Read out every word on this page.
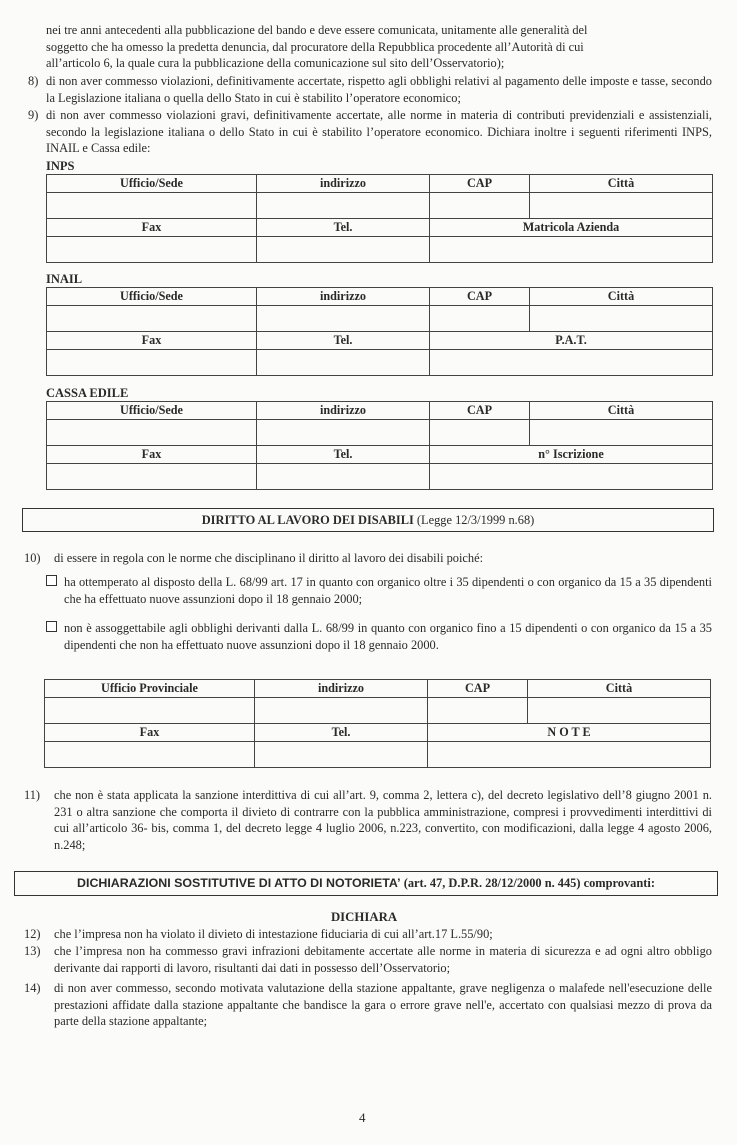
nei tre anni antecedenti alla pubblicazione del bando e deve essere comunicata, unitamente alle generalità del
soggetto che ha omesso la predetta denuncia, dal procuratore della Repubblica procedente all’Autorità di cui
all’articolo 6, la quale cura la pubblicazione della comunicazione sul sito dell’Osservatorio);
8) di non aver commesso violazioni, definitivamente accertate, rispetto agli obblighi relativi al pagamento delle imposte e tasse, secondo la Legislazione italiana o quella dello Stato in cui è stabilito l’operatore economico;
9) di non aver commesso violazioni gravi, definitivamente accertate, alle norme in materia di contributi previdenziali e assistenziali, secondo la legislazione italiana o dello Stato in cui è stabilito l’operatore economico. Dichiara inoltre i seguenti riferimenti INPS, INAIL e Cassa edile:
INPS
Ufficio/Sede	indirizzo	CAP	Città

Fax	Tel.	Matricola Azienda	

INAIL
Ufficio/Sede	indirizzo	CAP	Città

Fax	Tel.	P.A.T.	

CASSA EDILE
Ufficio/Sede	indirizzo	CAP	Città

Fax	Tel.	n° Iscrizione	

DIRITTO AL LAVORO DEI DISABILI (Legge 12/3/1999 n.68)
10) di essere in regola con le norme che disciplinano il diritto al lavoro dei disabili poiché:
ha ottemperato al disposto della L. 68/99 art. 17 in quanto con organico oltre i 35 dipendenti o con organico da 15 a 35 dipendenti che ha effettuato nuove assunzioni dopo il 18 gennaio 2000;
non è assoggettabile agli obblighi derivanti dalla L. 68/99 in quanto con organico fino a 15 dipendenti o con organico da 15 a 35 dipendenti che non ha effettuato nuove assunzioni dopo il 18 gennaio 2000.
Ufficio Provinciale	indirizzo	CAP	Città

Fax	Tel.	N O T E	

11) che non è stata applicata la sanzione interdittiva di cui all’art. 9, comma 2, lettera c), del decreto legislativo dell’8 giugno 2001 n. 231 o altra sanzione che comporta il divieto di contrarre con la pubblica amministrazione, compresi i provvedimenti interdittivi di cui all’articolo 36- bis, comma 1, del decreto legge 4 luglio 2006, n.223, convertito, con modificazioni, dalla legge 4 agosto 2006, n.248;
DICHIARAZIONI SOSTITUTIVE DI ATTO DI NOTORIETA’ (art. 47, D.P.R. 28/12/2000 n. 445) comprovanti:
DICHIARA
12) che l’impresa non ha violato il divieto di intestazione fiduciaria di cui all’art.17 L.55/90;
13) che l’impresa non ha commesso gravi infrazioni debitamente accertate alle norme in materia di sicurezza e ad ogni altro obbligo derivante dai rapporti di lavoro, risultanti dai dati in possesso dell’Osservatorio;
14) di non aver commesso, secondo motivata valutazione della stazione appaltante, grave negligenza o malafede nell'esecuzione delle prestazioni affidate dalla stazione appaltante che bandisce la gara o errore grave nell'e, accertato con qualsiasi mezzo di prova da parte della stazione appaltante;
4
